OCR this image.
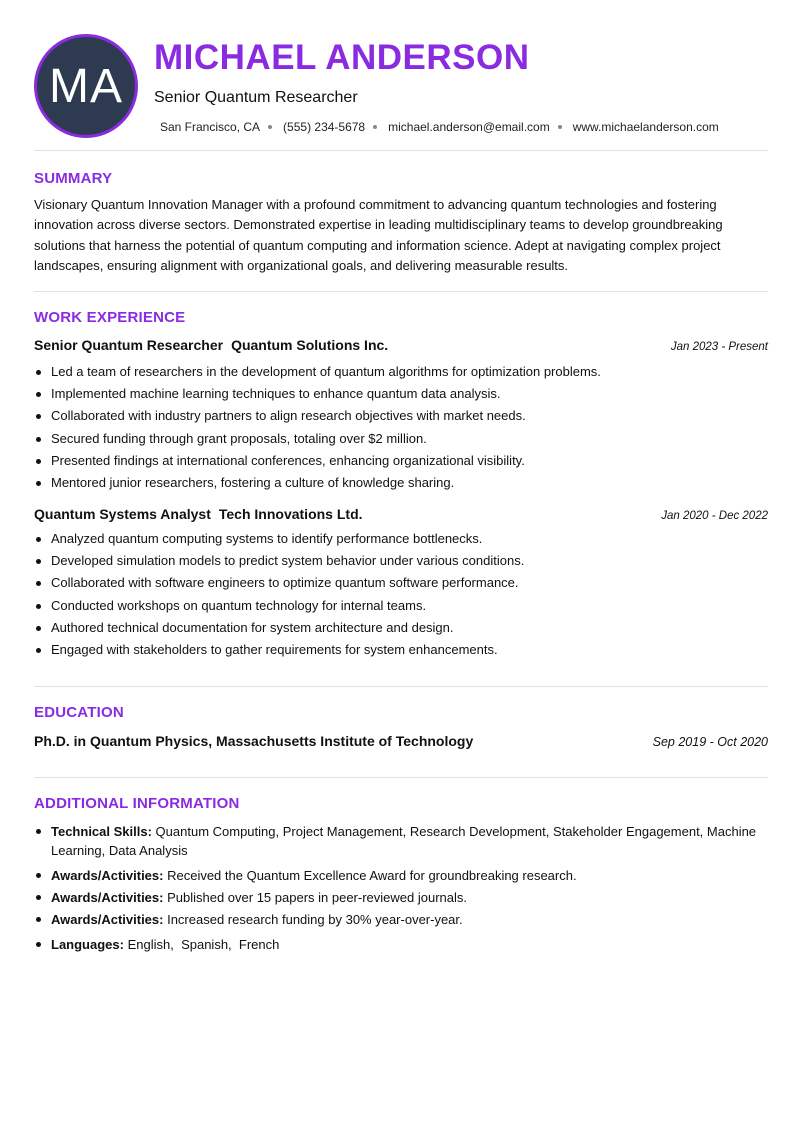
MA
MICHAEL ANDERSON
Senior Quantum Researcher
San Francisco, CA (555) 234-5678 michael.anderson@email.com www.michaelanderson.com
SUMMARY
Visionary Quantum Innovation Manager with a profound commitment to advancing quantum technologies and fostering innovation across diverse sectors. Demonstrated expertise in leading multidisciplinary teams to develop groundbreaking solutions that harness the potential of quantum computing and information science. Adept at navigating complex project landscapes, ensuring alignment with organizational goals, and delivering measurable results.
WORK EXPERIENCE
Senior Quantum Researcher Quantum Solutions Inc.	Jan 2023 - Present
Led a team of researchers in the development of quantum algorithms for optimization problems.
Implemented machine learning techniques to enhance quantum data analysis.
Collaborated with industry partners to align research objectives with market needs.
Secured funding through grant proposals, totaling over $2 million.
Presented findings at international conferences, enhancing organizational visibility.
Mentored junior researchers, fostering a culture of knowledge sharing.
Quantum Systems Analyst Tech Innovations Ltd.	Jan 2020 - Dec 2022
Analyzed quantum computing systems to identify performance bottlenecks.
Developed simulation models to predict system behavior under various conditions.
Collaborated with software engineers to optimize quantum software performance.
Conducted workshops on quantum technology for internal teams.
Authored technical documentation for system architecture and design.
Engaged with stakeholders to gather requirements for system enhancements.
EDUCATION
Ph.D. in Quantum Physics, Massachusetts Institute of Technology	Sep 2019 - Oct 2020
ADDITIONAL INFORMATION
Technical Skills: Quantum Computing, Project Management, Research Development, Stakeholder Engagement, Machine Learning, Data Analysis
Awards/Activities: Received the Quantum Excellence Award for groundbreaking research.
Awards/Activities: Published over 15 papers in peer-reviewed journals.
Awards/Activities: Increased research funding by 30% year-over-year.
Languages: English,  Spanish,  French
